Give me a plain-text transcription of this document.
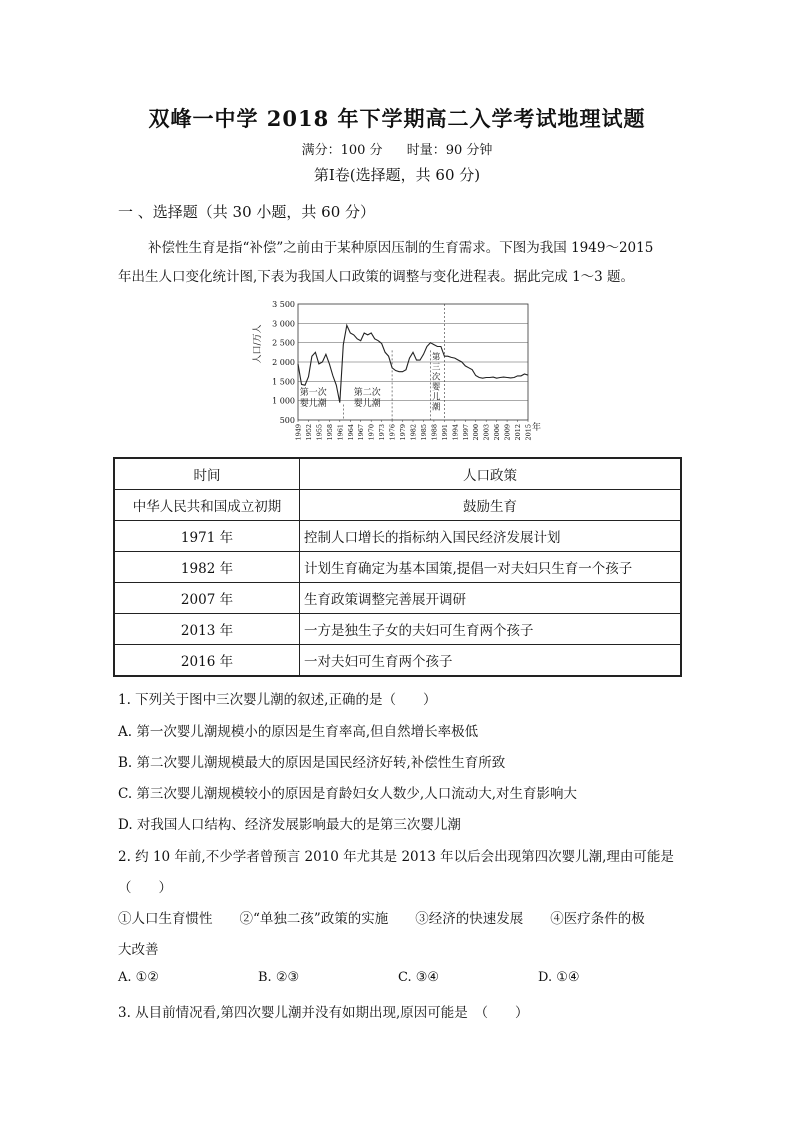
双峰一中学 2018 年下学期高二入学考试地理试题
满分：100 分 时量：90 分钟
第Ⅰ卷(选择题，共 60 分)
一 、选择题（共 30 小题，共 60 分）
补偿性生育是指“补偿”之前由于某种原因压制的生育需求。下图为我国 1949～2015
年出生人口变化统计图,下表为我国人口政策的调整与变化进程表。据此完成 1～3 题。
3 500
3 000
2 500
2 000
1 500
1 000
500
1949 1952 1955 1958 1961 1964 1967 1970 1973 1976 1979 1982 1985 1988 1991 1994 1997 2000 2003 2006 2009 2012 2015
人口/万人
年
第一次
婴儿潮
第二次
婴儿潮
第
三
次
婴
儿
潮
时间	人口政策
中华人民共和国成立初期	鼓励生育
1971 年	控制人口增长的指标纳入国民经济发展计划
1982 年	计划生育确定为基本国策,提倡一对夫妇只生育一个孩子
2007 年	生育政策调整完善展开调研
2013 年	一方是独生子女的夫妇可生育两个孩子
2016 年	一对夫妇可生育两个孩子
1. 下列关于图中三次婴儿潮的叙述,正确的是（　　）
A. 第一次婴儿潮规模小的原因是生育率高,但自然增长率极低
B. 第二次婴儿潮规模最大的原因是国民经济好转,补偿性生育所致
C. 第三次婴儿潮规模较小的原因是育龄妇女人数少,人口流动大,对生育影响大
D. 对我国人口结构、经济发展影响最大的是第三次婴儿潮
2. 约 10 年前,不少学者曾预言 2010 年尤其是 2013 年以后会出现第四次婴儿潮,理由可能是
（　　）
①人口生育惯性　　②“单独二孩”政策的实施　　③经济的快速发展　　④医疗条件的极
大改善
A. ①②	B. ②③	C. ③④	D. ①④
3. 从目前情况看,第四次婴儿潮并没有如期出现,原因可能是　（　　）
